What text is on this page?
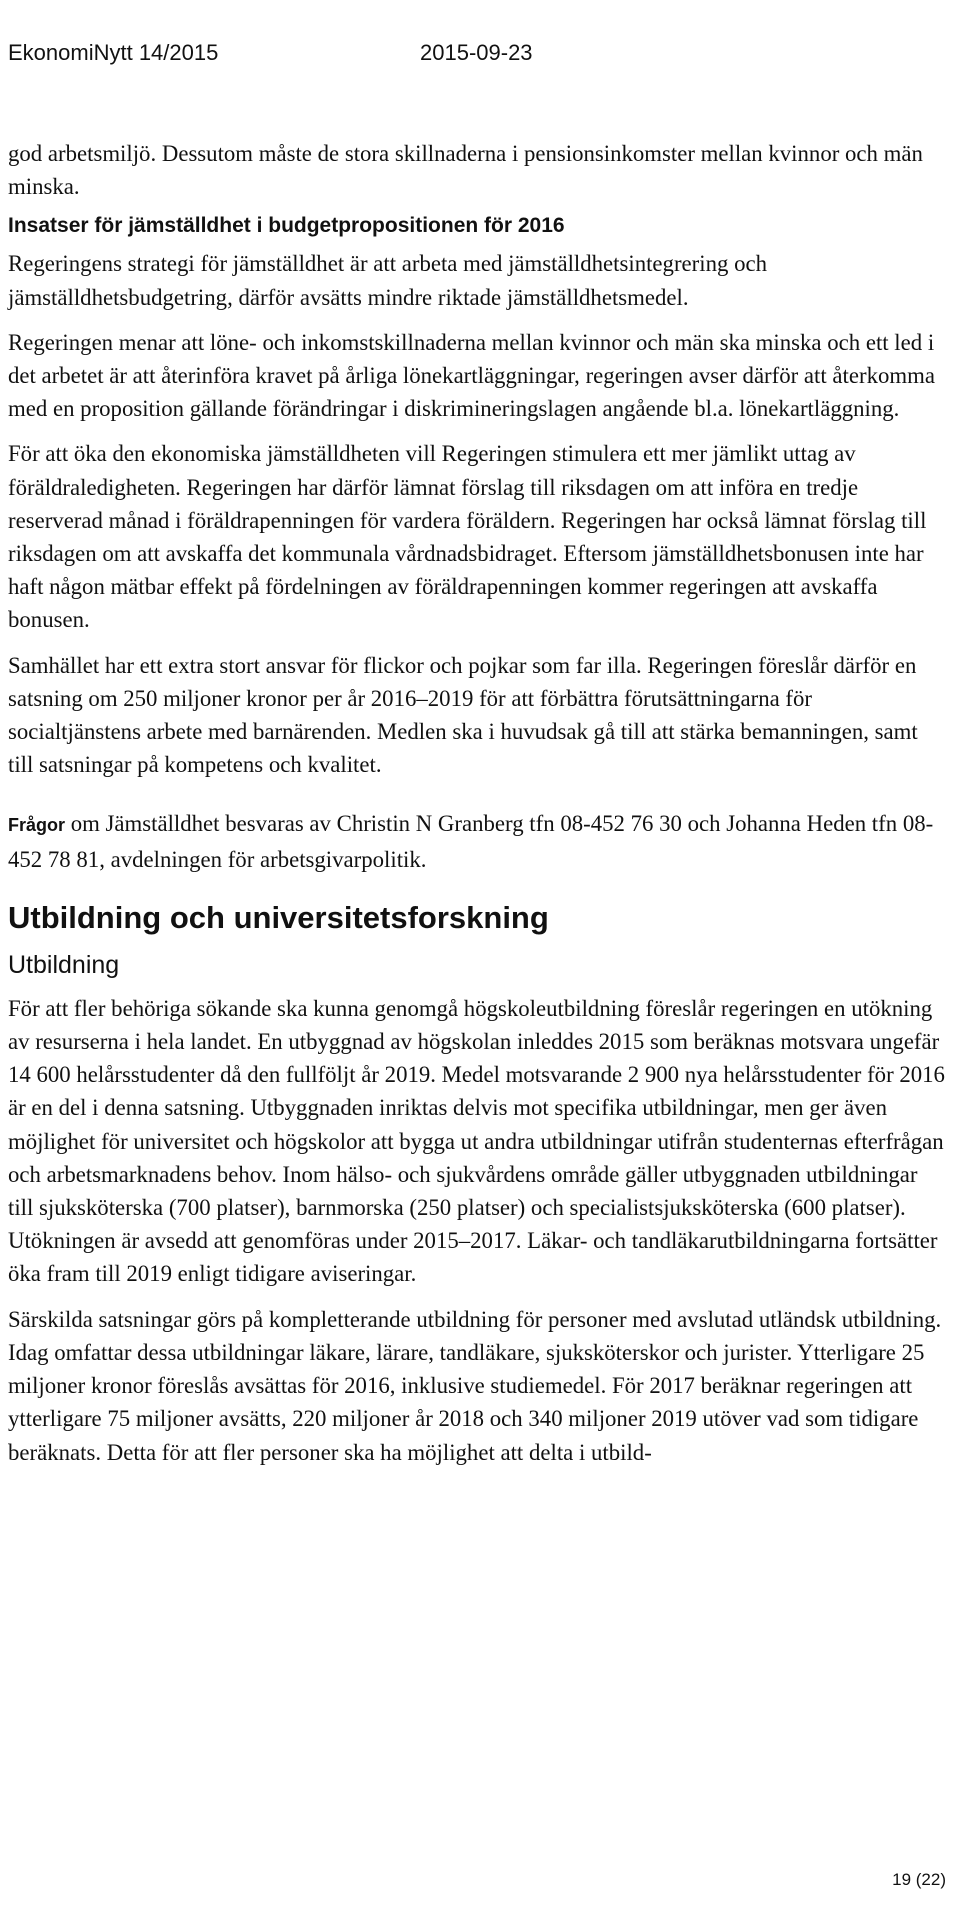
EkonomiNytt 14/2015	2015-09-23

god arbetsmiljö. Dessutom måste de stora skillnaderna i pensionsinkomster mellan kvinnor och män minska.

Insatser för jämställdhet i budgetpropositionen för 2016

Regeringens strategi för jämställdhet är att arbeta med jämställdhetsintegrering och jämställdhetsbudgetring, därför avsätts mindre riktade jämställdhetsmedel.

Regeringen menar att löne- och inkomstskillnaderna mellan kvinnor och män ska minska och ett led i det arbetet är att återinföra kravet på årliga lönekartläggningar, regeringen avser därför att återkomma med en proposition gällande förändringar i diskrimineringslagen angående bl.a. lönekartläggning.

För att öka den ekonomiska jämställdheten vill Regeringen stimulera ett mer jämlikt uttag av föräldraledigheten. Regeringen har därför lämnat förslag till riksdagen om att införa en tredje reserverad månad i föräldrapenningen för vardera föräldern. Regeringen har också lämnat förslag till riksdagen om att avskaffa det kommunala vårdnadsbidraget. Eftersom jämställdhetsbonusen inte har haft någon mätbar effekt på fördelningen av föräldrapenningen kommer regeringen att avskaffa bonusen.

Samhället har ett extra stort ansvar för flickor och pojkar som far illa. Regeringen föreslår därför en satsning om 250 miljoner kronor per år 2016–2019 för att förbättra förutsättningarna för socialtjänstens arbete med barnärenden. Medlen ska i huvudsak gå till att stärka bemanningen, samt till satsningar på kompetens och kvalitet.

Frågor om Jämställdhet besvaras av Christin N Granberg tfn 08-452 76 30 och Johanna Heden tfn 08-452 78 81, avdelningen för arbetsgivarpolitik.

Utbildning och universitetsforskning
Utbildning

För att fler behöriga sökande ska kunna genomgå högskoleutbildning föreslår regeringen en utökning av resurserna i hela landet. En utbyggnad av högskolan inleddes 2015 som beräknas motsvara ungefär 14 600 helårsstudenter då den fullföljt år 2019. Medel motsvarande 2 900 nya helårsstudenter för 2016 är en del i denna satsning. Utbyggnaden inriktas delvis mot specifika utbildningar, men ger även möjlighet för universitet och högskolor att bygga ut andra utbildningar utifrån studenternas efterfrågan och arbetsmarknadens behov. Inom hälso- och sjukvårdens område gäller utbyggnaden utbildningar till sjuksköterska (700 platser), barnmorska (250 platser) och specialistsjuksköterska (600 platser). Utökningen är avsedd att genomföras under 2015–2017. Läkar- och tandläkarutbildningarna fortsätter öka fram till 2019 enligt tidigare aviseringar.

Särskilda satsningar görs på kompletterande utbildning för personer med avslutad utländsk utbildning. Idag omfattar dessa utbildningar läkare, lärare, tandläkare, sjuksköterskor och jurister. Ytterligare 25 miljoner kronor föreslås avsättas för 2016, inklusive studiemedel. För 2017 beräknar regeringen att ytterligare 75 miljoner avsätts, 220 miljoner år 2018 och 340 miljoner 2019 utöver vad som tidigare beräknats. Detta för att fler personer ska ha möjlighet att delta i utbild-

19 (22)
